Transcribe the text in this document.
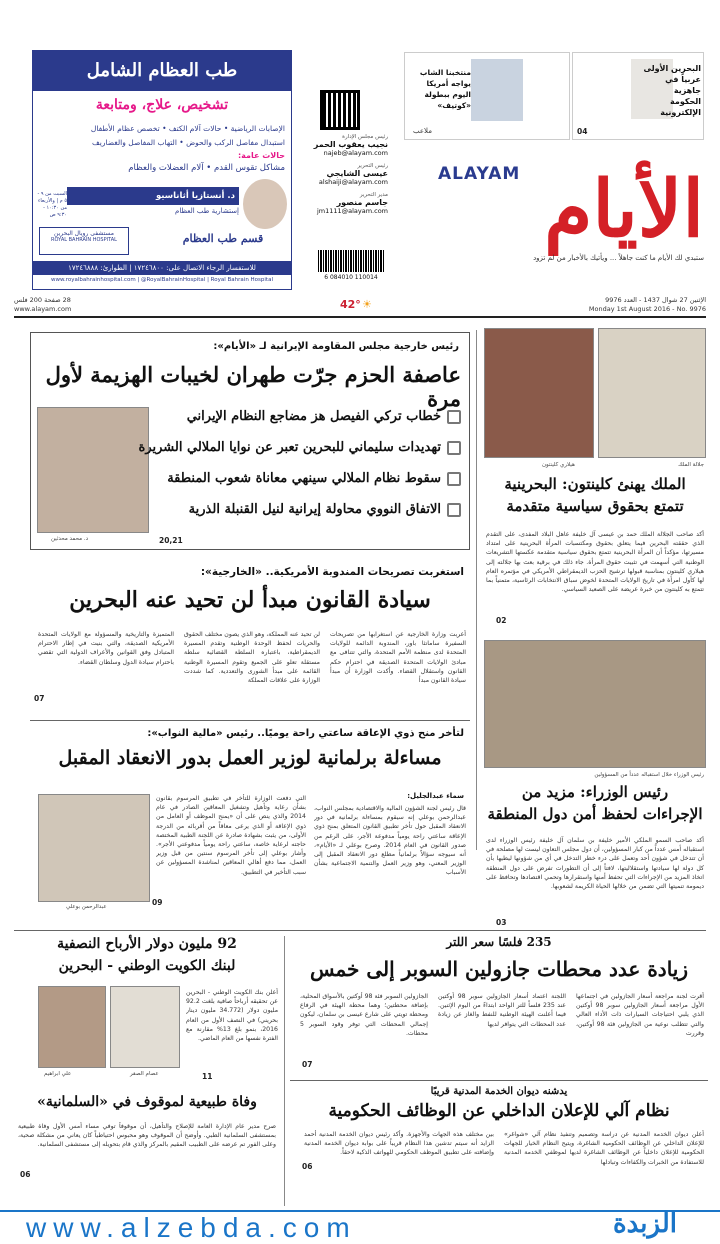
البحرين الأولى عربياً في جاهزية الحكومة الإلكترونية
04
منتخبنا الشاب يواجه أمريكا اليوم ببطولة «كوتيف»
ملاعب
ALAYAM الأيام
ستبدي لك الأيام ما كنت جاهلاً ... ويأتيك بالأخبار من لم تزود
رئيس مجلس الإدارة
نجيب يعقوب الحمر
najeb@alayam.com
رئيس التحرير
عيسى الشايجي
alshaiji@alayam.com
مدير التحرير
جاسم منصور
jm1111@alayam.com
6 084010 110014
طب العظام الشامل
تشخيص، علاج، ومتابعة
الإصابات الرياضية • حالات آلام الكتف • تخصص عظام الأطفال
استبدال مفاصل الركب والحوض • التهاب المفاصل والغضاريف
حالات عامة:
مشاكل تقوس القدم • آلام العضلات والعظام
د. أنستازيا أثاناسيو
إستشارية طب العظام
السبت من ٩ - ٥ م | والأربعاء من ١٠:٣٠ - ٩:٣٠ ص
مستشفى رويال البحرين
ROYAL BAHRAIN HOSPITAL	قسم طب العظام
للاستفسار الرجاء الاتصال على: ١٧٢٤٦٨٠٠ | الطوارئ: ١٧٢٤٦٨٨٨
www.royalbahrainhospital.com | @RoyalBahrainHospital | Royal Bahrain Hospital
الإثنين 27 شوال 1437 - العدد 9976
Monday 1st August 2016 - No. 9976
42° ☀
28 صفحة 200 فلس
www.alayam.com
هيلاري كلينتون	جلالة الملك
الملك يهنئ كلينتون: البحرينية
تتمتع بحقوق سياسية متقدمة
أكد صاحب الجلالة الملك حمد بن عيسى آل خليفة عاهل البلاد المفدى، على التقدم الذي حققته البحرين فيما يتعلق بحقوق ومكتسبات المرأة البحرينية على امتداد مسيرتها، مؤكداً أن المرأة البحرينية تتمتع بحقوق سياسية متقدمة عكستها التشريعات الوطنية التي أسهمت في تثبيت حقوق المرأة. جاء ذلك في برقية بعث بها جلالته إلى هيلاري كلينتون بمناسبة قبولها ترشيح الحزب الديمقراطي الأمريكي في مؤتمره العام لها كأول امرأة في تاريخ الولايات المتحدة لخوض سباق الانتخابات الرئاسية، متمنياً بما تتمتع به كلينتون من خبرة عريضة على الصعيد السياسي.
02
رئيس خارجية مجلس المقاومة الإيرانية لـ «الأيام»:
عاصفة الحزم جرّت طهران لخيبات الهزيمة لأول مرة
د. محمد محدثين
خطاب تركي الفيصل هز مضاجع النظام الإيراني
تهديدات سليماني للبحرين تعبر عن نوايا الملالي الشريرة
سقوط نظام الملالي سينهي معاناة شعوب المنطقة
الاتفاق النووي محاولة إيرانية لنيل القنبلة الذرية
20,21
استغربت تصريحات المندوبة الأمريكية.. «الخارجية»:
سيادة القانون مبدأ لن تحيد عنه البحرين
أعربت وزارة الخارجية عن استغرابها من تصريحات السفيرة سامانثا باور، المندوبة الدائمة للولايات المتحدة لدى منظمة الأمم المتحدة، والتي تتنافى مع مبادئ الولايات المتحدة الصديقة في احترام حكم القانون واستقلال القضاء. وأكدت الوزارة أن مبدأ سيادة القانون مبدأ
لن تحيد عنه المملكة، وهو الذي يصون مختلف الحقوق والحريات لحفظ الوحدة الوطنية وتقدم المسيرة الديمقراطية، باعتباره السلطة القضائية سلطة مستقلة تعلو على الجميع وتقوم المسيرة الوطنية القائمة على مبدأ الشورى والتعددية. كما شددت الوزارة على علاقات المملكة
المتميزة والتاريخية والمسؤولة مع الولايات المتحدة الأمريكية الصديقة، والتي بنيت في إطار الاحترام المتبادل وفق القوانين والأعراف الدولية التي تقضي باحترام سيادة الدول وسلطان القضاء.
07
رئيس الوزراء خلال استقباله عدداً من المسؤولين
رئيس الوزراء: مزيد من
الإجراءات لحفظ أمن دول المنطقة
أكد صاحب السمو الملكي الأمير خليفة بن سلمان آل خليفة رئيس الوزراء لدى استقباله أمس عدداً من كبار المسؤولين، أن دول مجلس التعاون ليست لها مصلحة في أن تتدخل في شؤون أحد وتعمل على درء خطر التدخل في أي من شؤونها ليطيها بأن كل دولة لها سيادتها واستقلاليتها، لافتاً إلى أن التطورات تفرض على دول المنطقة اتخاذ المزيد من الإجراءات التي تحفظ أمنها واستقرارها وتحمي اقتصادها وتحافظ على ديمومة تنميتها التي تضمن من خلالها الحياة الكريمة لشعوبها.
03
لتأخر منح ذوي الإعاقة ساعتي راحة يوميًا.. رئيس «مالية النواب»:
مساءلة برلمانية لوزير العمل بدور الانعقاد المقبل
سماء عبدالجليل:
قال رئيس لجنة الشؤون المالية والاقتصادية بمجلس النواب، عبدالرحمن بوعلي إنه سيقوم بمساءلة برلمانية في دور الانعقاد المقبل حول تأخر تطبيق القانون المتعلق بمنح ذوي الإعاقة ساعتي راحة يومياً مدفوعة الأجر، على الرغم من صدور القانون في العام 2014. وصرح بوعلي لـ «الأيام»، أنه سيوجه سؤالاً برلمانياً مطلع دور الانعقاد المقبل إلى الوزير المعني، وهو وزير العمل والتنمية الاجتماعية بشأن الأسباب
التي دفعت الوزارة للتأخر في تطبيق المرسوم بقانون بشأن رعاية وتأهيل وتشغيل المعاقين الصادر في عام 2014 والذي ينص على أن «يمنح الموظف أو العامل من ذوي الإعاقة أو الذي يرعى معاقاً من أقربائه من الدرجة الأولى، من يثبت بشهادة صادرة عن اللجنة الطبية المختصة حاجته لرعاية خاصة، ساعتي راحة يومياً مدفوعتي الأجر». وأشار بوعلي إلى تأخر المرسوم سنتين من قبل وزير العمل، مما دفع أهالي المعاقين لمناشدة المسؤولين عن سبب التأخير في التطبيق.
عبدالرحمن بوعلي	09
235 فلسًا سعر اللتر
زيادة عدد محطات جازولين السوبر إلى خمس
أقرت لجنة مراجعة أسعار الجازولين في اجتماعها الأول مراجعة أسعار الجازولين سوبر 98 أوكتين الذي يلبي احتياجات السيارات ذات الأداء العالي والتي تتطلب نوعية من الجازولين فئة 98 أوكتين، وقررت
اللجنة اعتماد أسعار الجازولين سوبر 98 أوكتين عند 235 فلساً للتر الواحد ابتداءً من اليوم الإثنين. فيما أعلنت الهيئة الوطنية للنفط والغاز عن زيادة عدد المحطات التي يتوافر لديها
الجازولين السوبر فئة 98 أوكتين بالأسواق المحلية، بإضافة محطتين؛ وهما محطة الهيئة في الرفاع ومحطة تويتي على شارع عيسى بن سلمان، ليكون إجمالي المحطات التي توفر وقود السوبر 5 محطات.
07
92 مليون دولار الأرباح النصفية
لبنك الكويت الوطني - البحرين
علي ابراهيم	عصام الصقر
أعلن بنك الكويت الوطني - البحرين عن تحقيقه أرباحاً صافية بلغت 92.2 مليون دولار (34.772 مليون دينار بحريني) في النصف الأول من العام 2016، بنمو بلغ 13% مقارنة مع الفترة نفسها من العام الماضي.
11
وفاة طبيعية لموقوف في «السلمانية»
صرح مدير عام الإدارة العامة للإصلاح والتأهيل، أن موقوفاً توفي مساء أمس الأول وفاة طبيعية بمستشفى السلمانية الطبي. وأوضح أن الموقوف وهو محبوس احتياطياً كان يعاني من مشكلة صحية، وعلى الفور تم عرضه على الطبيب المقيم بالمركز والذي قام بتحويله إلى مستشفى السلمانية.
06
يدشنه ديوان الخدمة المدنية قريبًا
نظام آلي للإعلان الداخلي عن الوظائف الحكومية
أعلن ديوان الخدمة المدنية عن دراسة وتصميم وتنفيذ نظام آلي «شواغر» للإعلان الداخلي عن الوظائف الحكومية الشاغرة، ويتيح النظام الخيار للجهات الحكومية للإعلان داخلياً عن الوظائف الشاغرة لديها لموظفي الخدمة المدنية للاستفادة من الخبرات والكفاءات وتبادلها
بين مختلف هذه الجهات والأجهزة. وأكد رئيس ديوان الخدمة المدنية أحمد الزايد أنه سيتم تدشين هذا النظام قريباً على بوابة ديوان الخدمة المدنية وإضافته على تطبيق الموظف الحكومي للهواتف الذكية لاحقاً.
06
www.alzebda.com	الزبدة
